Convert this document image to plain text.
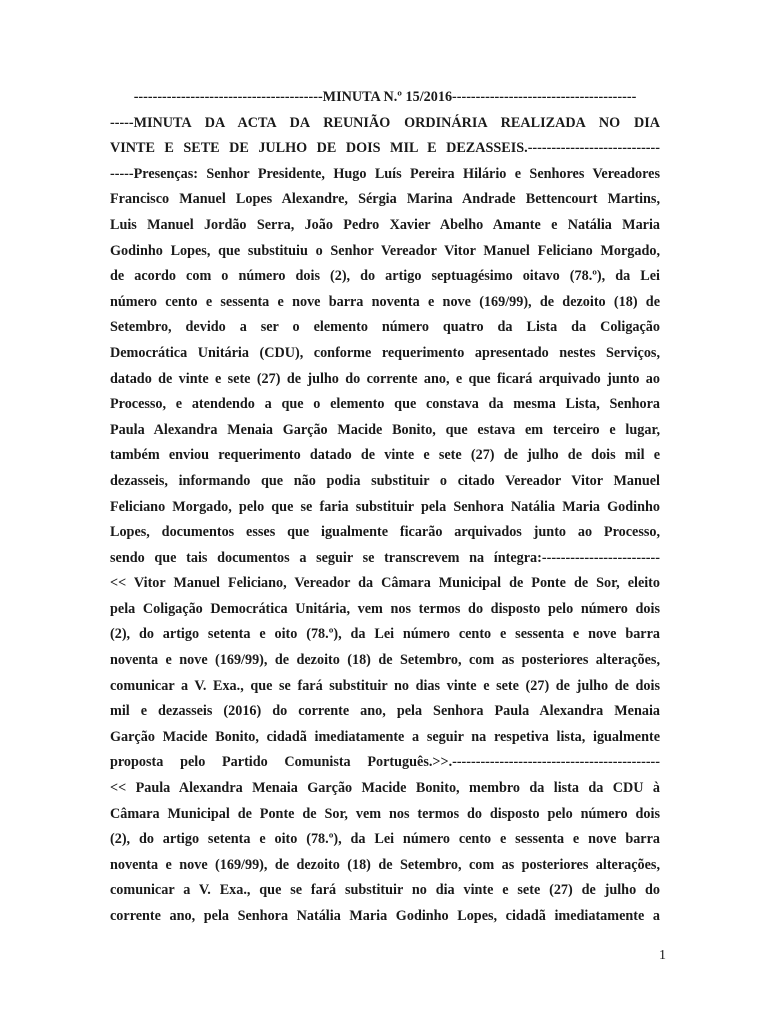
----------------------------------------MINUTA N.º 15/2016---------------------------------------
-----MINUTA DA ACTA DA REUNIÃO ORDINÁRIA REALIZADA NO DIA
VINTE E SETE DE JULHO DE DOIS MIL E DEZASSEIS.----------------------------
-----Presenças: Senhor Presidente, Hugo Luís Pereira Hilário e Senhores Vereadores
Francisco Manuel Lopes Alexandre, Sérgia Marina Andrade Bettencourt Martins,
Luis Manuel Jordão Serra, João Pedro Xavier Abelho Amante e Natália Maria
Godinho Lopes, que substituiu o Senhor Vereador Vitor Manuel Feliciano Morgado,
de acordo com o número dois (2), do artigo septuagésimo oitavo (78.º), da Lei
número cento e sessenta e nove barra noventa e nove (169/99), de dezoito (18) de
Setembro, devido a ser o elemento número quatro da Lista da Coligação
Democrática Unitária (CDU), conforme requerimento apresentado nestes Serviços,
datado de vinte e sete (27) de julho do corrente ano, e que ficará arquivado junto ao
Processo, e atendendo a que o elemento que constava da mesma Lista, Senhora
Paula Alexandra Menaia Garção Macide Bonito, que estava em terceiro e lugar,
também enviou requerimento datado de vinte e sete (27) de julho de dois mil e
dezasseis, informando que não podia substituir o citado Vereador Vitor Manuel
Feliciano Morgado, pelo que se faria substituir pela Senhora Natália Maria Godinho
Lopes, documentos esses que igualmente ficarão arquivados junto ao Processo,
sendo que tais documentos a seguir se transcrevem na íntegra:-------------------------
<< Vitor Manuel Feliciano, Vereador da Câmara Municipal de Ponte de Sor, eleito
pela Coligação Democrática Unitária, vem nos termos do disposto pelo número dois
(2), do artigo setenta e oito (78.º), da Lei número cento e sessenta e nove barra
noventa e nove (169/99), de dezoito (18) de Setembro, com as posteriores alterações,
comunicar a V. Exa., que se fará substituir no dias vinte e sete (27) de julho de dois
mil e dezasseis (2016) do corrente ano, pela Senhora Paula Alexandra Menaia
Garção Macide Bonito, cidadã imediatamente a seguir na respetiva lista, igualmente
proposta pelo Partido Comunista Português.>>.--------------------------------------------
<< Paula Alexandra Menaia Garção Macide Bonito, membro da lista da CDU à
Câmara Municipal de Ponte de Sor, vem nos termos do disposto pelo número dois
(2), do artigo setenta e oito (78.º), da Lei número cento e sessenta e nove barra
noventa e nove (169/99), de dezoito (18) de Setembro, com as posteriores alterações,
comunicar a V. Exa., que se fará substituir no dia vinte e sete (27) de julho do
corrente ano, pela Senhora Natália Maria Godinho Lopes, cidadã imediatamente a
1
